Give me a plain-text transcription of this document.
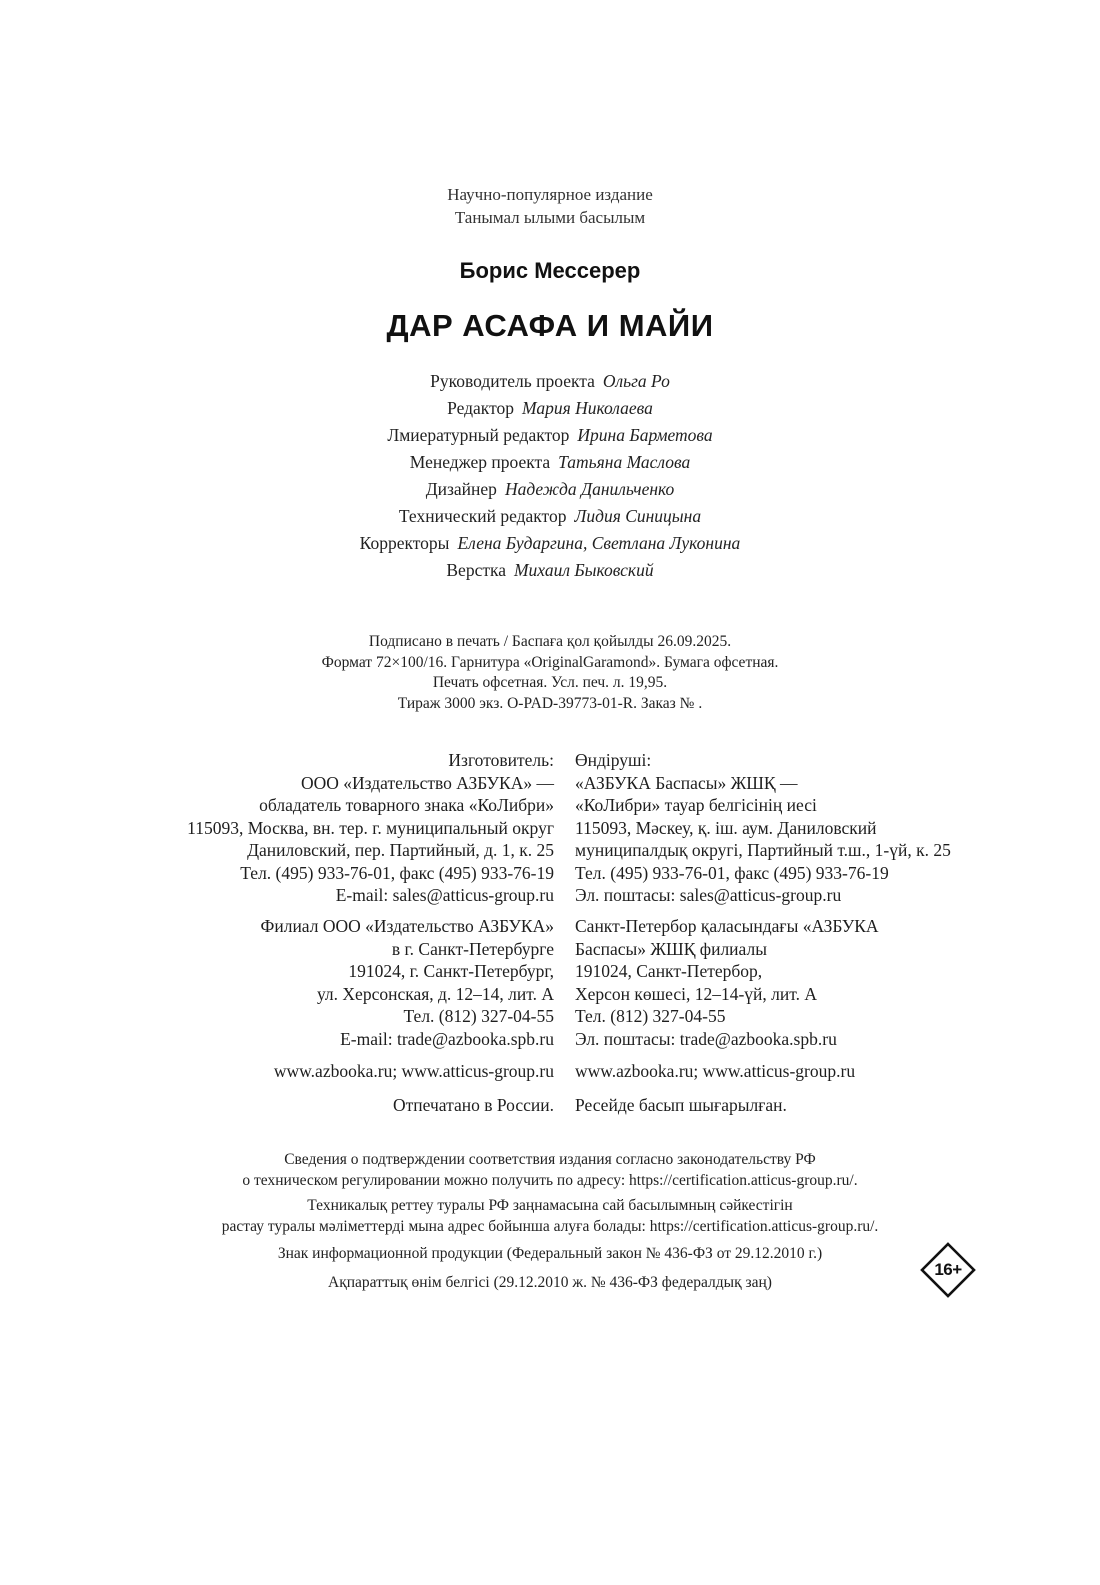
Научно-популярное издание
Танымал ылыми басылым
Борис Мессерер
ДАР АСАФА И МАЙИ
Руководитель проекта Ольга Ро
Редактор Мария Николаева
Лмиературный редактор Ирина Барметова
Менеджер проекта Татьяна Маслова
Дизайнер Надежда Данильченко
Технический редактор Лидия Синицына
Корректоры Елена Бударгина, Светлана Луконина
Верстка Михаил Быковский
Подписано в печать / Баспаға қол қойылды 26.09.2025.
Формат 72×100/16. Гарнитура «OriginalGaramond». Бумага офсетная.
Печать офсетная. Усл. печ. л. 19,95.
Тираж 3000 экз. О-PAD-39773-01-R. Заказ № .
Изготовитель:
ООО «Издательство АЗБУКА» —
обладатель товарного знака «КоЛибри»
115093, Москва, вн. тер. г. муниципальный округ
Даниловский, пер. Партийный, д. 1, к. 25
Тел. (495) 933-76-01, факс (495) 933-76-19
E-mail: sales@atticus-group.ru
Филиал ООО «Издательство АЗБУКА»
в г. Санкт-Петербурге
191024, г. Санкт-Петербург,
ул. Херсонская, д. 12–14, лит. А
Тел. (812) 327-04-55
E-mail: trade@azbooka.spb.ru
www.azbooka.ru; www.atticus-group.ru
Отпечатано в России.
Өндіруші:
«АЗБУКА Баспасы» ЖШҚ —
«КоЛибри» тауар белгісінің иесі
115093, Мәскеу, қ. іш. аум. Даниловский
муниципалдық округі, Партийный т.ш., 1-үй, к. 25
Тел. (495) 933-76-01, факс (495) 933-76-19
Эл. поштасы: sales@atticus-group.ru
Санкт-Петербор қаласындағы «АЗБУКА
Баспасы» ЖШҚ филиалы
191024, Санкт-Петербор,
Херсон көшесі, 12–14-үй, лит. А
Тел. (812) 327-04-55
Эл. поштасы: trade@azbooka.spb.ru
www.azbooka.ru; www.atticus-group.ru
Ресейде басып шығарылған.
Сведения о подтверждении соответствия издания согласно законодательству РФ
о техническом регулировании можно получить по адресу: https://certification.atticus-group.ru/.
Техникалық реттеу туралы РФ заңнамасына сай басылымның сәйкестігін
растау туралы мәліметтерді мына адрес бойынша алуға болады: https://certification.atticus-group.ru/.
Знак информационной продукции (Федеральный закон № 436-ФЗ от 29.12.2010 г.)
Ақпараттық өнім белгісі (29.12.2010 ж. № 436-ФЗ федералдық заң)
16+
